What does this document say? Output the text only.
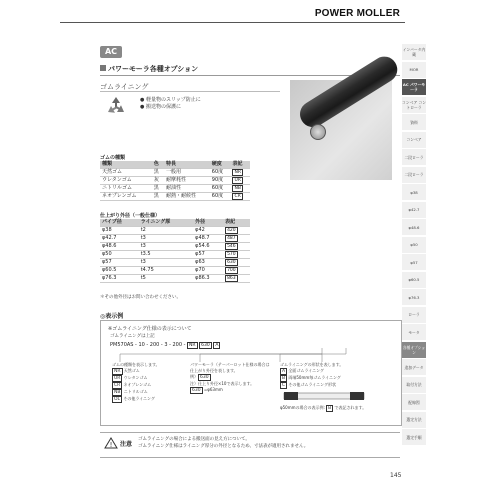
POWER MOLLER
AC
パワーモーラ各種オプション
ゴムライニング
● 軽量物のスリップ防止に
● 搬送物の保護に
ゴムの種類
種類	色	特長	硬度	表記
天然ゴム	黒	一般用	60度	NR
ウレタンゴム	灰	耐摩耗性	90度	UR
ニトリルゴム	黒	耐油性	60度	NB
ネオプレンゴム	黒	耐熱・耐候性	60度	CR
仕上がり外径（一般仕様）
パイプ径	ライニング厚	外径	表記
φ38	t2	φ42	420
φ42.7	t3	φ48.7	487
φ48.6	t3	φ54.6	546
φ50	t3.5	φ57	570
φ57	t3	φ63	630
φ60.5	t4.75	φ70	700
φ76.3	t5	φ86.3	863
＊その他外径はお問い合わせください。
◎表示例
※ゴムライニング仕様の表示について
ゴムライニングは上記
PM570AS - 10 - 200 - 3 - 200 - NR 630 A
ゴムの種類を表示します。
NR 天然ゴム
UR ウレタンゴム
CR ネオプレンゴム
NB ニトリルゴム
OL その他ライニング
パワーモーラ（テーパーロット仕様の場合は仕上がり外径を表します。
例） 630
注）仕上り外径×10で表示します。
630 =φ63mm
ゴムライニングの形状を表します。
A 全面ゴムライニング
B 両端50mm毎ゴムライニング
C その他ゴムライニング形状
φ50mmの場合の表示例: B で表記されます。
! 注意
ゴムライニングの場合による搬送面の見え方について。
ゴムライニング仕様はライニング厚分の外径となるため、寸法表が適用されません。
145
インバータ内蔵
MOR
AC パワーモーラ
コンベア コントローラ
資料
コンベア
二段ローラ
二段ローラ
φ38
φ42.7
φ48.6
φ50
φ57
φ60.5
φ76.3
ローラ
モータ
各種オプション
追加データ
取付方法
配線図
選定方法
選定手順
